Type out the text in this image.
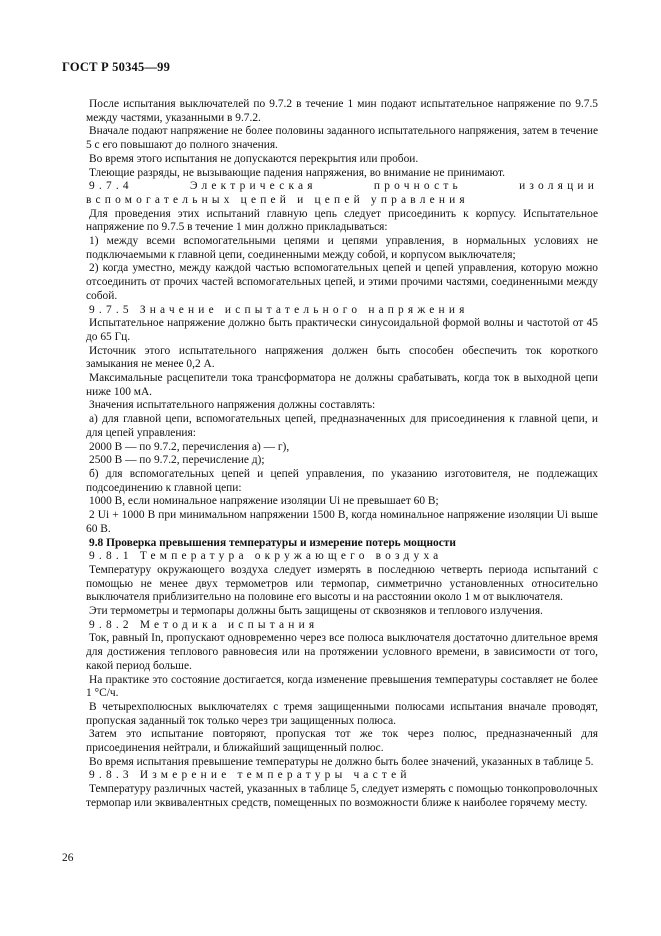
ГОСТ Р 50345—99

После испытания выключателей по 9.7.2 в течение 1 мин подают испытательное напряжение по 9.7.5 между частями, указанными в 9.7.2.

Вначале подают напряжение не более половины заданного испытательного напряжения, затем в течение 5 с его повышают до полного значения.

Во время этого испытания не допускаются перекрытия или пробои.

Тлеющие разряды, не вызывающие падения напряжения, во внимание не принимают.

9.7.4 Электрическая прочность изоляции вспомогательных цепей и цепей управления

Для проведения этих испытаний главную цепь следует присоединить к корпусу. Испытательное напряжение по 9.7.5 в течение 1 мин должно прикладываться:

1) между всеми вспомогательными цепями и цепями управления, в нормальных условиях не подключаемыми к главной цепи, соединенными между собой, и корпусом выключателя;

2) когда уместно, между каждой частью вспомогательных цепей и цепей управления, которую можно отсоединить от прочих частей вспомогательных цепей, и этими прочими частями, соединенными между собой.

9.7.5 Значение испытательного напряжения

Испытательное напряжение должно быть практически синусоидальной формой волны и частотой от 45 до 65 Гц.

Источник этого испытательного напряжения должен быть способен обеспечить ток короткого замыкания не менее 0,2 А.

Максимальные расцепители тока трансформатора не должны срабатывать, когда ток в выходной цепи ниже 100 мА.

Значения испытательного напряжения должны составлять:

а) для главной цепи, вспомогательных цепей, предназначенных для присоединения к главной цепи, и для цепей управления:

2000 В — по 9.7.2, перечисления а) — г),

2500 В — по 9.7.2, перечисление д);

б) для вспомогательных цепей и цепей управления, по указанию изготовителя, не подлежащих подсоединению к главной цепи:

1000 В, если номинальное напряжение изоляции Ui не превышает 60 В;

2 Ui + 1000 В при минимальном напряжении 1500 В, когда номинальное напряжение изоляции Ui выше 60 В.

9.8 Проверка превышения температуры и измерение потерь мощности

9.8.1 Температура окружающего воздуха

Температуру окружающего воздуха следует измерять в последнюю четверть периода испытаний с помощью не менее двух термометров или термопар, симметрично установленных относительно выключателя приблизительно на половине его высоты и на расстоянии около 1 м от выключателя.

Эти термометры и термопары должны быть защищены от сквозняков и теплового излучения.

9.8.2 Методика испытания

Ток, равный In, пропускают одновременно через все полюса выключателя достаточно длительное время для достижения теплового равновесия или на протяжении условного времени, в зависимости от того, какой период больше.

На практике это состояние достигается, когда изменение превышения температуры составляет не более 1 °С/ч.

В четырехполюсных выключателях с тремя защищенными полюсами испытания вначале проводят, пропуская заданный ток только через три защищенных полюса.

Затем это испытание повторяют, пропуская тот же ток через полюс, предназначенный для присоединения нейтрали, и ближайший защищенный полюс.

Во время испытания превышение температуры не должно быть более значений, указанных в таблице 5.

9.8.3 Измерение температуры частей

Температуру различных частей, указанных в таблице 5, следует измерять с помощью тонкопроволочных термопар или эквивалентных средств, помещенных по возможности ближе к наиболее горячему месту.

26
